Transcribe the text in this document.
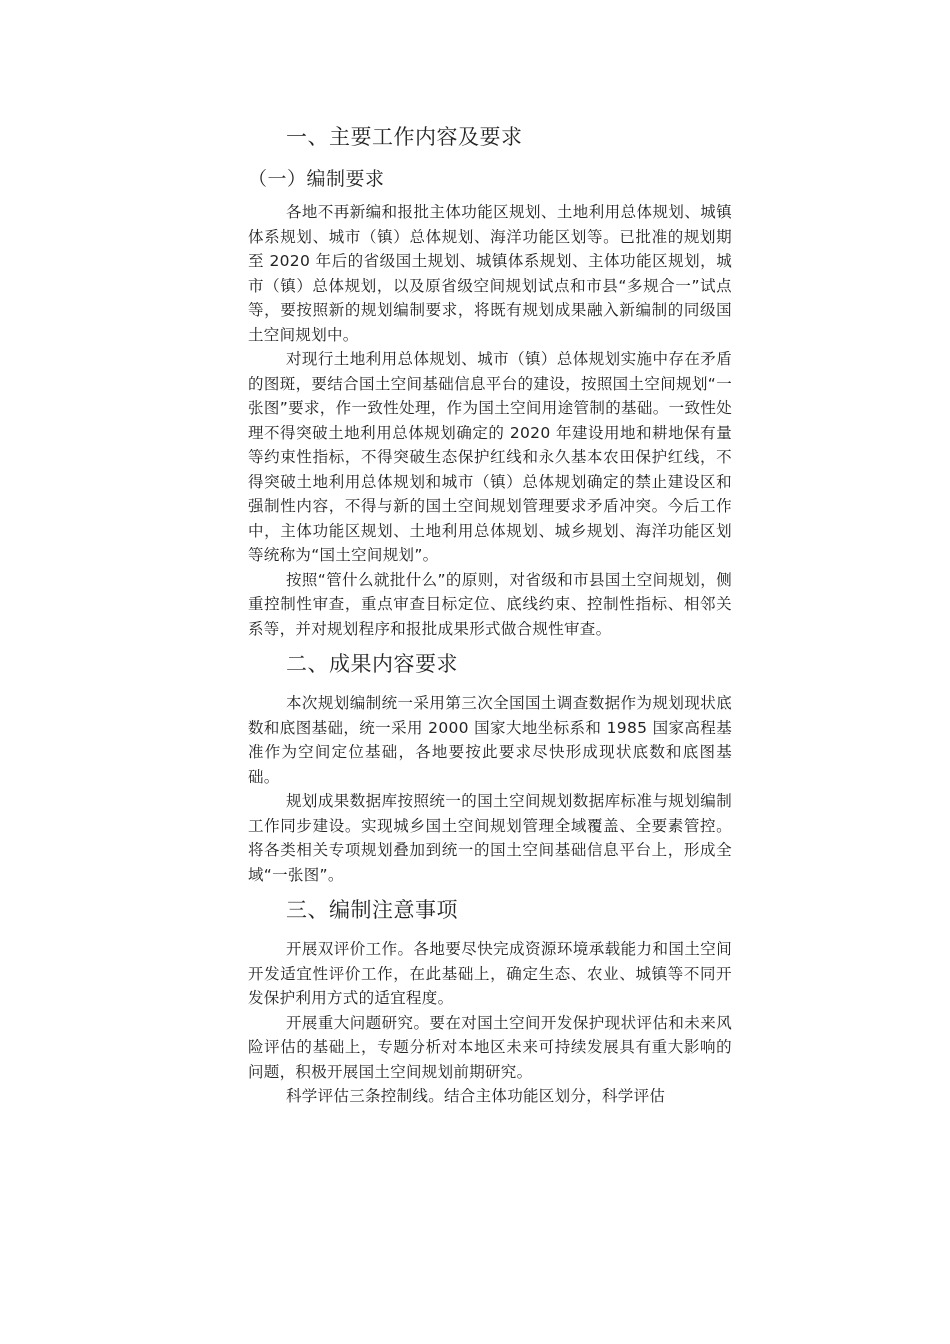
一、主要工作内容及要求
（一）编制要求

各地不再新编和报批主体功能区规划、土地利用总体规划、城镇体系规划、城市（镇）总体规划、海洋功能区划等。已批准的规划期至 2020 年后的省级国土规划、城镇体系规划、主体功能区规划，城市（镇）总体规划，以及原省级空间规划试点和市县“多规合一”试点等，要按照新的规划编制要求，将既有规划成果融入新编制的同级国土空间规划中。

对现行土地利用总体规划、城市（镇）总体规划实施中存在矛盾的图斑，要结合国土空间基础信息平台的建设，按照国土空间规划“一张图”要求，作一致性处理，作为国土空间用途管制的基础。一致性处理不得突破土地利用总体规划确定的 2020 年建设用地和耕地保有量等约束性指标，不得突破生态保护红线和永久基本农田保护红线，不得突破土地利用总体规划和城市（镇）总体规划确定的禁止建设区和强制性内容，不得与新的国土空间规划管理要求矛盾冲突。今后工作中，主体功能区规划、土地利用总体规划、城乡规划、海洋功能区划等统称为“国土空间规划”。

按照“管什么就批什么”的原则，对省级和市县国土空间规划，侧重控制性审查，重点审查目标定位、底线约束、控制性指标、相邻关系等，并对规划程序和报批成果形式做合规性审查。

二、成果内容要求

本次规划编制统一采用第三次全国国土调查数据作为规划现状底数和底图基础，统一采用 2000 国家大地坐标系和 1985 国家高程基准作为空间定位基础，各地要按此要求尽快形成现状底数和底图基础。

规划成果数据库按照统一的国土空间规划数据库标准与规划编制工作同步建设。实现城乡国土空间规划管理全域覆盖、全要素管控。将各类相关专项规划叠加到统一的国土空间基础信息平台上，形成全域“一张图”。

三、编制注意事项

开展双评价工作。各地要尽快完成资源环境承载能力和国土空间开发适宜性评价工作，在此基础上，确定生态、农业、城镇等不同开发保护利用方式的适宜程度。

开展重大问题研究。要在对国土空间开发保护现状评估和未来风险评估的基础上，专题分析对本地区未来可持续发展具有重大影响的问题，积极开展国土空间规划前期研究。

科学评估三条控制线。结合主体功能区划分，科学评估
